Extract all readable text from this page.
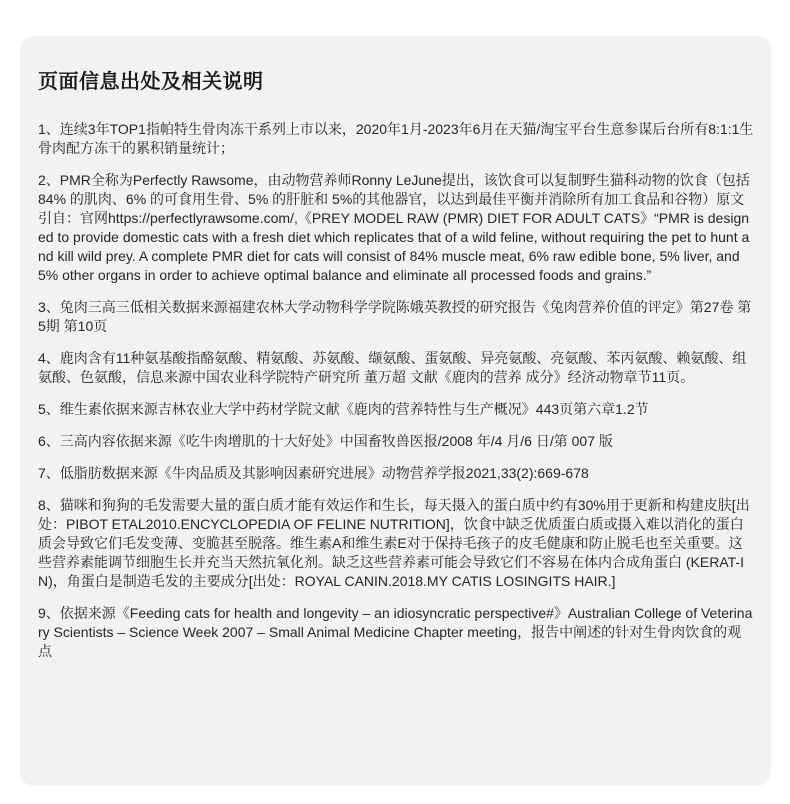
页面信息出处及相关说明

1、连续3年TOP1指帕特生骨肉冻干系列上市以来，2020年1月-2023年6月在天猫/淘宝平台生意参谋后台所有8:1:1生骨肉配方冻干的累积销量统计；

2、PMR全称为Perfectly Rawsome，由动物营养师Ronny LeJune提出，该饮食可以复制野生猫科动物的饮食（包括 84% 的肌肉、6% 的可食用生骨、5% 的肝脏和 5%的其他器官，以达到最佳平衡并消除所有加工食品和谷物）原文引自：官网https://perfectlyrawsome.com/,《PREY MODEL RAW (PMR) DIET FOR ADULT CATS》“PMR is designed to provide domestic cats with a fresh diet which replicates that of a wild feline, without requiring the pet to hunt and kill wild prey. A complete PMR diet for cats will consist of 84% muscle meat, 6% raw edible bone, 5% liver, and 5% other organs in order to achieve optimal balance and eliminate all processed foods and grains.”

3、兔肉三高三低相关数据来源福建农林大学动物科学学院陈娥英教授的研究报告《兔肉营养价值的评定》第27卷 第5期 第10页

4、鹿肉含有11种氨基酸指酪氨酸、精氨酸、苏氨酸、缬氨酸、蛋氨酸、异亮氨酸、亮氨酸、苯丙氨酸、赖氨酸、组氨酸、色氨酸，信息来源中国农业科学院特产研究所 董万超 文献《鹿肉的营养 成分》经济动物章节11页。

5、维生素依据来源吉林农业大学中药材学院文献《鹿肉的营养特性与生产概况》443页第六章1.2节

6、三高内容依据来源《吃牛肉增肌的十大好处》中国畜牧兽医报/2008 年/4 月/6 日/第 007 版

7、低脂肪数据来源《牛肉品质及其影响因素研究进展》动物营养学报2021,33(2):669-678

8、猫咪和狗狗的毛发需要大量的蛋白质才能有效运作和生长，每天摄入的蛋白质中约有30%用于更新和构建皮肤[出处：PIBOT ETAL2010.ENCYCLOPEDIA OF FELINE NUTRITION]，饮食中缺乏优质蛋白质或摄入难以消化的蛋白质会导致它们毛发变薄、变脆甚至脱落。维生素A和维生素E对于保持毛孩子的皮毛健康和防止脱毛也至关重要。这些营养素能调节细胞生长并充当天然抗氧化剂。缺乏这些营养素可能会导致它们不容易在体内合成角蛋白 (KERAT-IN)，角蛋白是制造毛发的主要成分[出处：ROYAL CANIN.2018.MY CATIS LOSINGITS HAIR.]

9、依据来源《Feeding cats for health and longevity – an idiosyncratic perspective#》Australian College of Veterinary Scientists – Science Week 2007 – Small Animal Medicine Chapter meeting，报告中阐述的针对生骨肉饮食的观点
